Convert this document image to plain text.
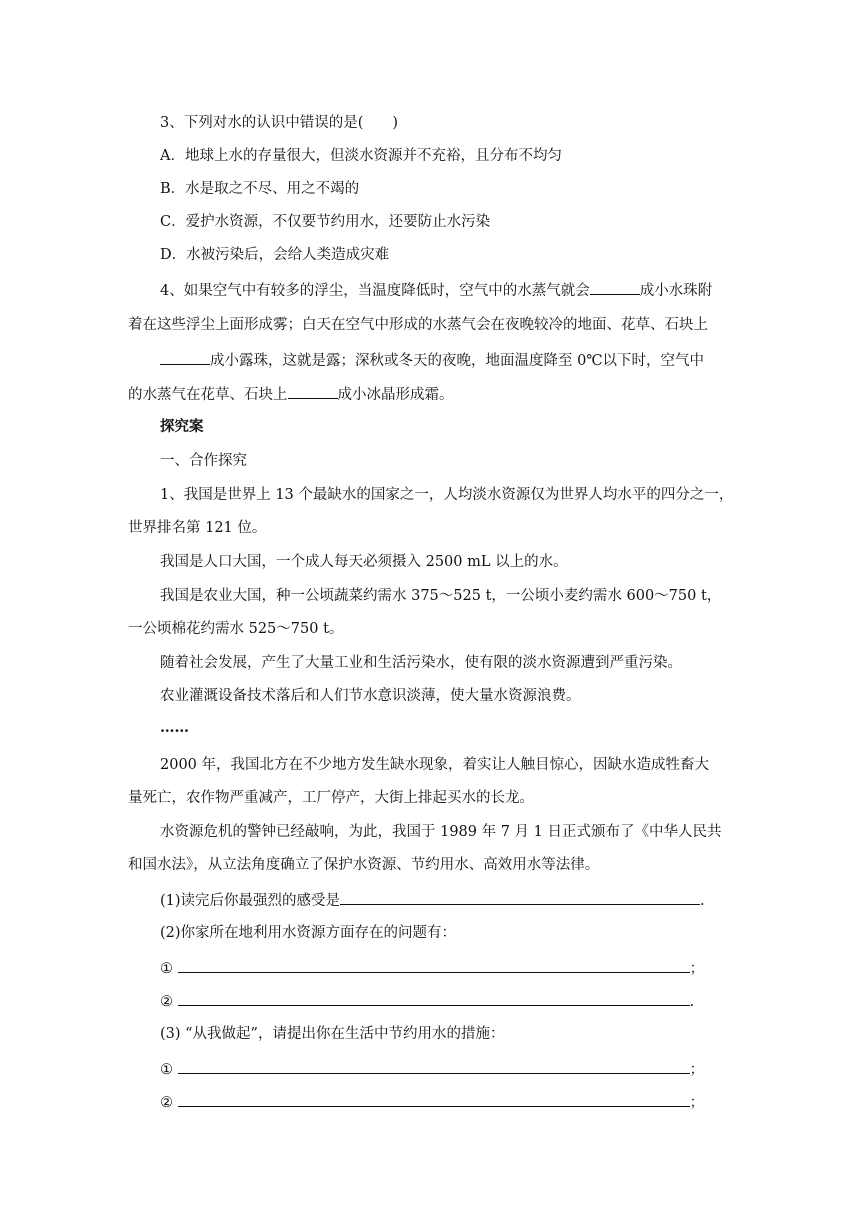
3、下列对水的认识中错误的是(　　)
A．地球上水的存量很大，但淡水资源并不充裕，且分布不均匀
B．水是取之不尽、用之不竭的
C．爱护水资源，不仅要节约用水，还要防止水污染
D．水被污染后，会给人类造成灾难
4、如果空气中有较多的浮尘，当温度降低时，空气中的水蒸气就会	成小水珠附
着在这些浮尘上面形成雾；白天在空气中形成的水蒸气会在夜晚较冷的地面、花草、石块上
成小露珠，这就是露；深秋或冬天的夜晚，地面温度降至 0℃以下时，空气中
的水蒸气在花草、石块上	成小冰晶形成霜。
探究案
一、合作探究
1、我国是世界上 13 个最缺水的国家之一，人均淡水资源仅为世界人均水平的四分之一，
世界排名第 121 位。
我国是人口大国，一个成人每天必须摄入 2500 mL 以上的水。
我国是农业大国，种一公顷蔬菜约需水 375～525 t，一公顷小麦约需水 600～750 t，
一公顷棉花约需水 525～750 t。
随着社会发展，产生了大量工业和生活污染水，使有限的淡水资源遭到严重污染。
农业灌溉设备技术落后和人们节水意识淡薄，使大量水资源浪费。
……
2000 年，我国北方在不少地方发生缺水现象，着实让人触目惊心，因缺水造成牲畜大
量死亡，农作物严重减产，工厂停产，大街上排起买水的长龙。
水资源危机的警钟已经敲响，为此，我国于 1989 年 7 月 1 日正式颁布了《中华人民共
和国水法》，从立法角度确立了保护水资源、节约用水、高效用水等法律。
(1)读完后你最强烈的感受是	.
(2)你家所在地利用水资源方面存在的问题有：
①	；
②	.
(3) “从我做起”，请提出你在生活中节约用水的措施：
①	；
②	；
